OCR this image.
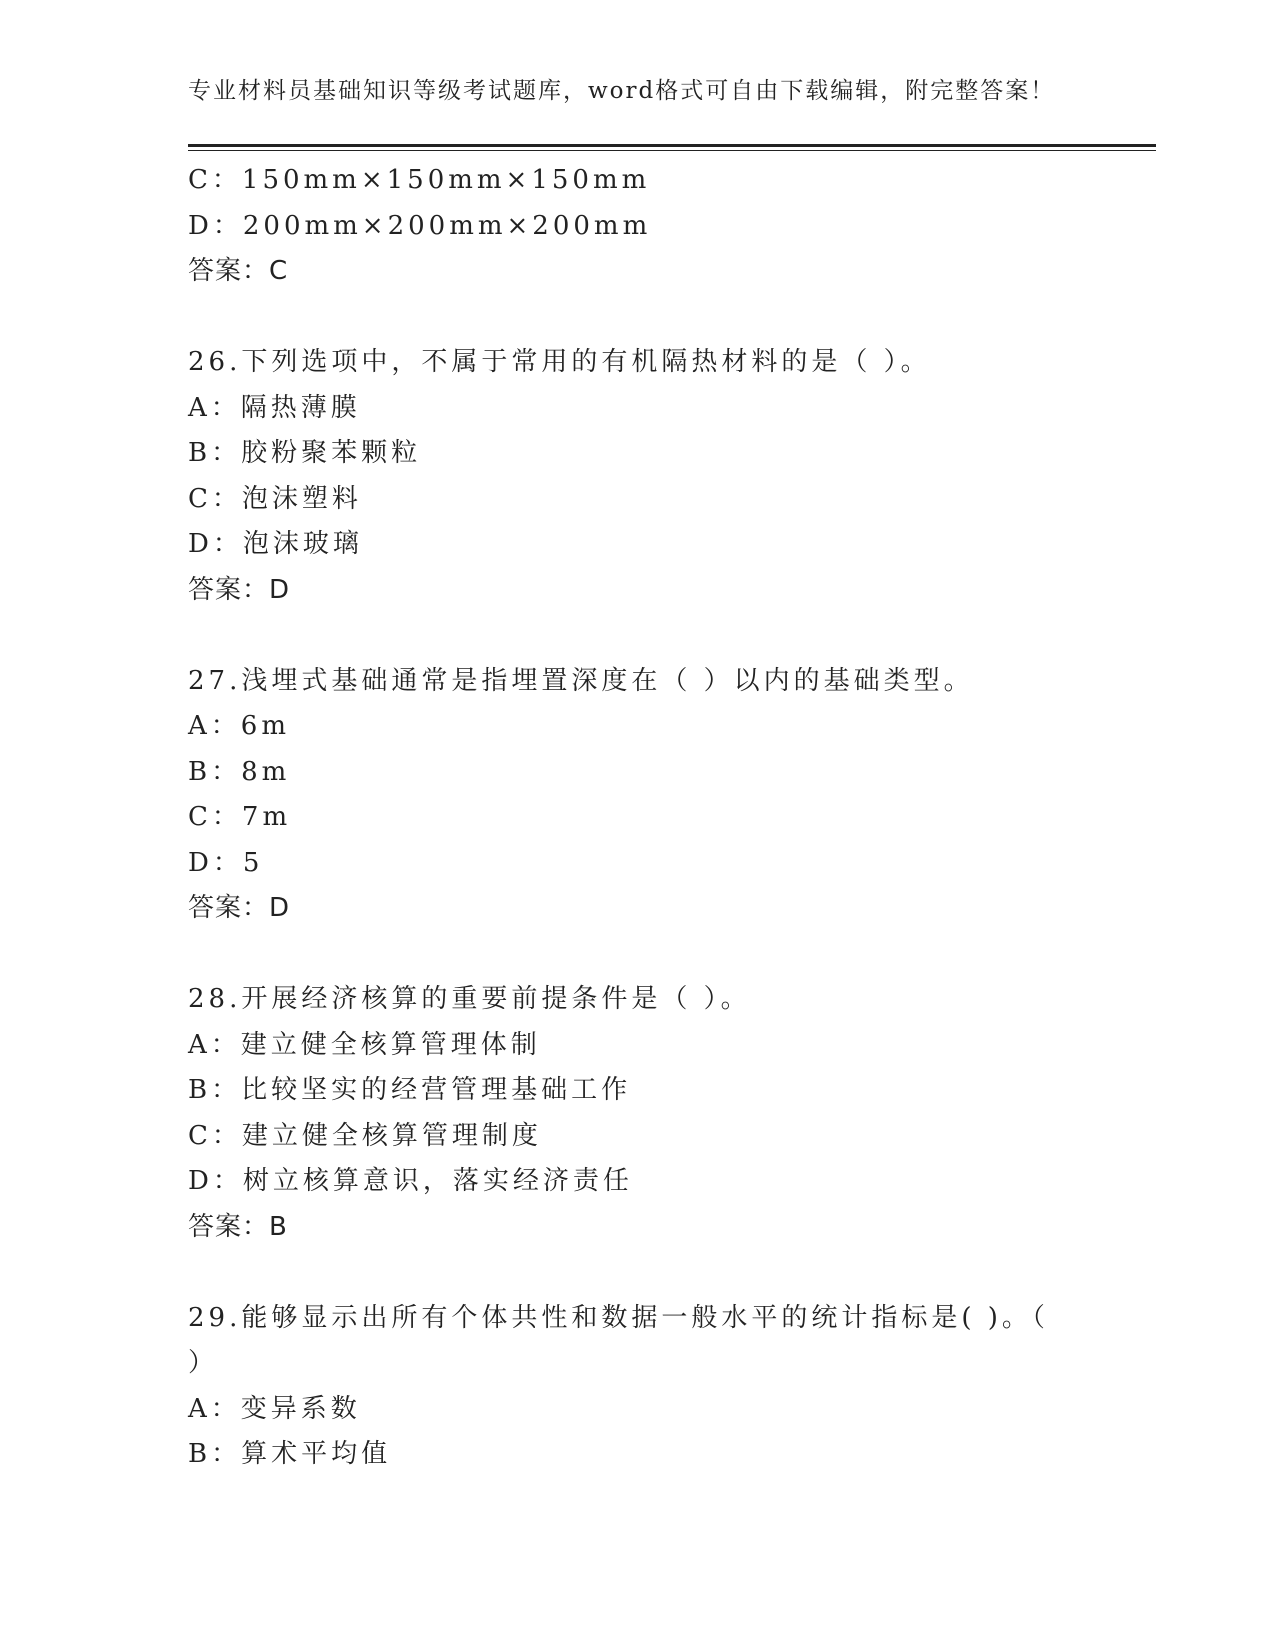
专业材料员基础知识等级考试题库，word格式可自由下载编辑，附完整答案！
C：150mm×150mm×150mm
D：200mm×200mm×200mm
答案：C
26.下列选项中，不属于常用的有机隔热材料的是（ ）。
A：隔热薄膜
B：胶粉聚苯颗粒
C：泡沫塑料
D：泡沫玻璃
答案：D
27.浅埋式基础通常是指埋置深度在（ ）以内的基础类型。
A：6m
B：8m
C：7m
D：5
答案：D
28.开展经济核算的重要前提条件是（ ）。
A：建立健全核算管理体制
B：比较坚实的经营管理基础工作
C：建立健全核算管理制度
D：树立核算意识，落实经济责任
答案：B
29.能够显示出所有个体共性和数据一般水平的统计指标是( )。（
）
A：变异系数
B：算术平均值
